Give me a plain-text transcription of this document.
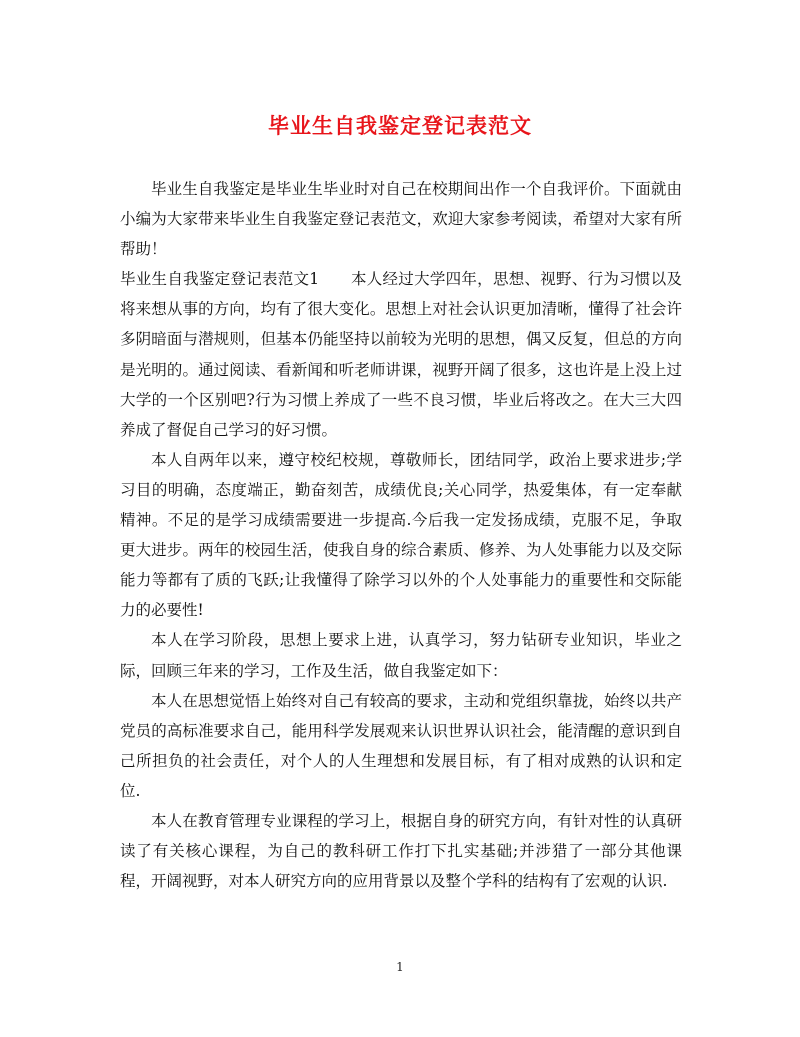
毕业生自我鉴定登记表范文

毕业生自我鉴定是毕业生毕业时对自己在校期间出作一个自我评价。下面就由小编为大家带来毕业生自我鉴定登记表范文，欢迎大家参考阅读，希望对大家有所帮助！

毕业生自我鉴定登记表范文1　　 本人经过大学四年，思想、视野、行为习惯以及将来想从事的方向，均有了很大变化。思想上对社会认识更加清晰，懂得了社会许多阴暗面与潜规则，但基本仍能坚持以前较为光明的思想，偶又反复，但总的方向是光明的。通过阅读、看新闻和听老师讲课，视野开阔了很多，这也许是上没上过大学的一个区别吧?行为习惯上养成了一些不良习惯，毕业后将改之。在大三大四养成了督促自己学习的好习惯。

本人自两年以来，遵守校纪校规，尊敬师长，团结同学，政治上要求进步;学习目的明确，态度端正，勤奋刻苦，成绩优良;关心同学，热爱集体，有一定奉献精神。不足的是学习成绩需要进一步提高.今后我一定发扬成绩，克服不足，争取更大进步。两年的校园生活，使我自身的综合素质、修养、为人处事能力以及交际能力等都有了质的飞跃;让我懂得了除学习以外的个人处事能力的重要性和交际能力的必要性!

本人在学习阶段，思想上要求上进，认真学习，努力钻研专业知识，毕业之际，回顾三年来的学习，工作及生活，做自我鉴定如下：

本人在思想觉悟上始终对自己有较高的要求，主动和党组织靠拢，始终以共产党员的高标准要求自己，能用科学发展观来认识世界认识社会，能清醒的意识到自己所担负的社会责任，对个人的人生理想和发展目标，有了相对成熟的认识和定位.

本人在教育管理专业课程的学习上，根据自身的研究方向，有针对性的认真研读了有关核心课程，为自己的教科研工作打下扎实基础;并涉猎了一部分其他课程，开阔视野，对本人研究方向的应用背景以及整个学科的结构有了宏观的认识.

1
